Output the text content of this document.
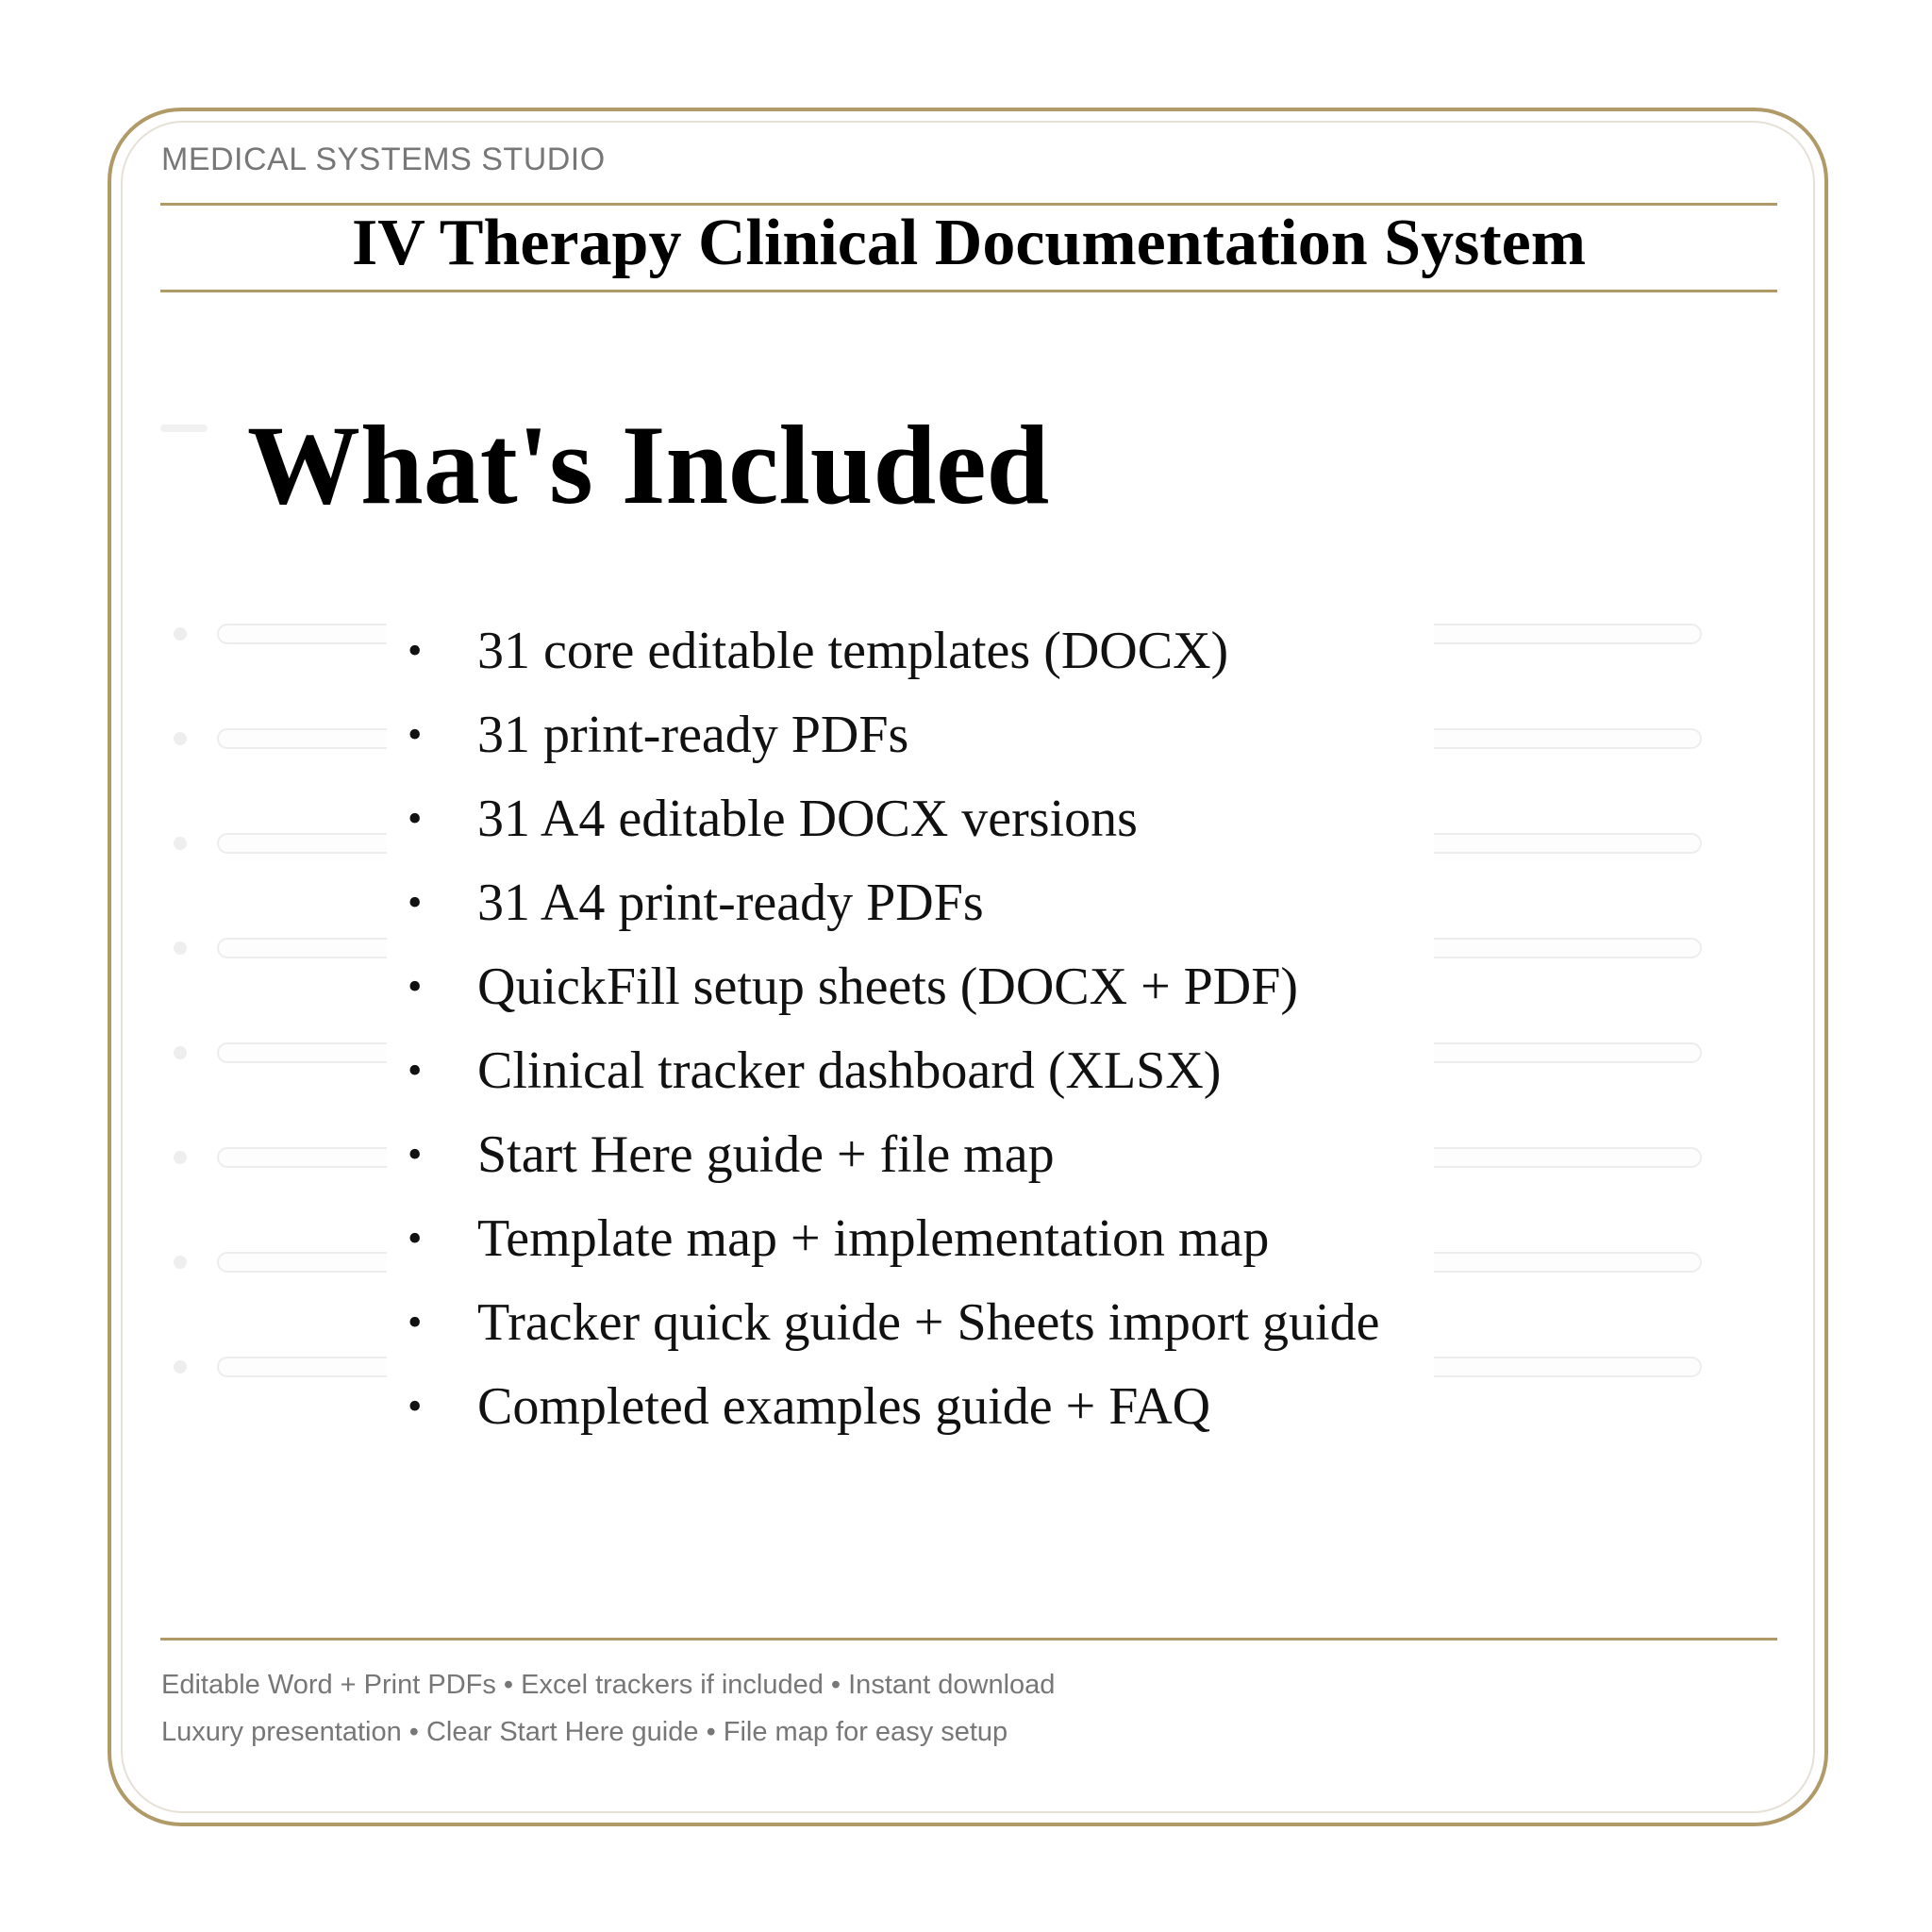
MEDICAL SYSTEMS STUDIO
IV Therapy Clinical Documentation System
What's Included
• 31 core editable templates (DOCX)
• 31 print-ready PDFs
• 31 A4 editable DOCX versions
• 31 A4 print-ready PDFs
• QuickFill setup sheets (DOCX + PDF)
• Clinical tracker dashboard (XLSX)
• Start Here guide + file map
• Template map + implementation map
• Tracker quick guide + Sheets import guide
• Completed examples guide + FAQ
Editable Word + Print PDFs • Excel trackers if included • Instant download
Luxury presentation • Clear Start Here guide • File map for easy setup
